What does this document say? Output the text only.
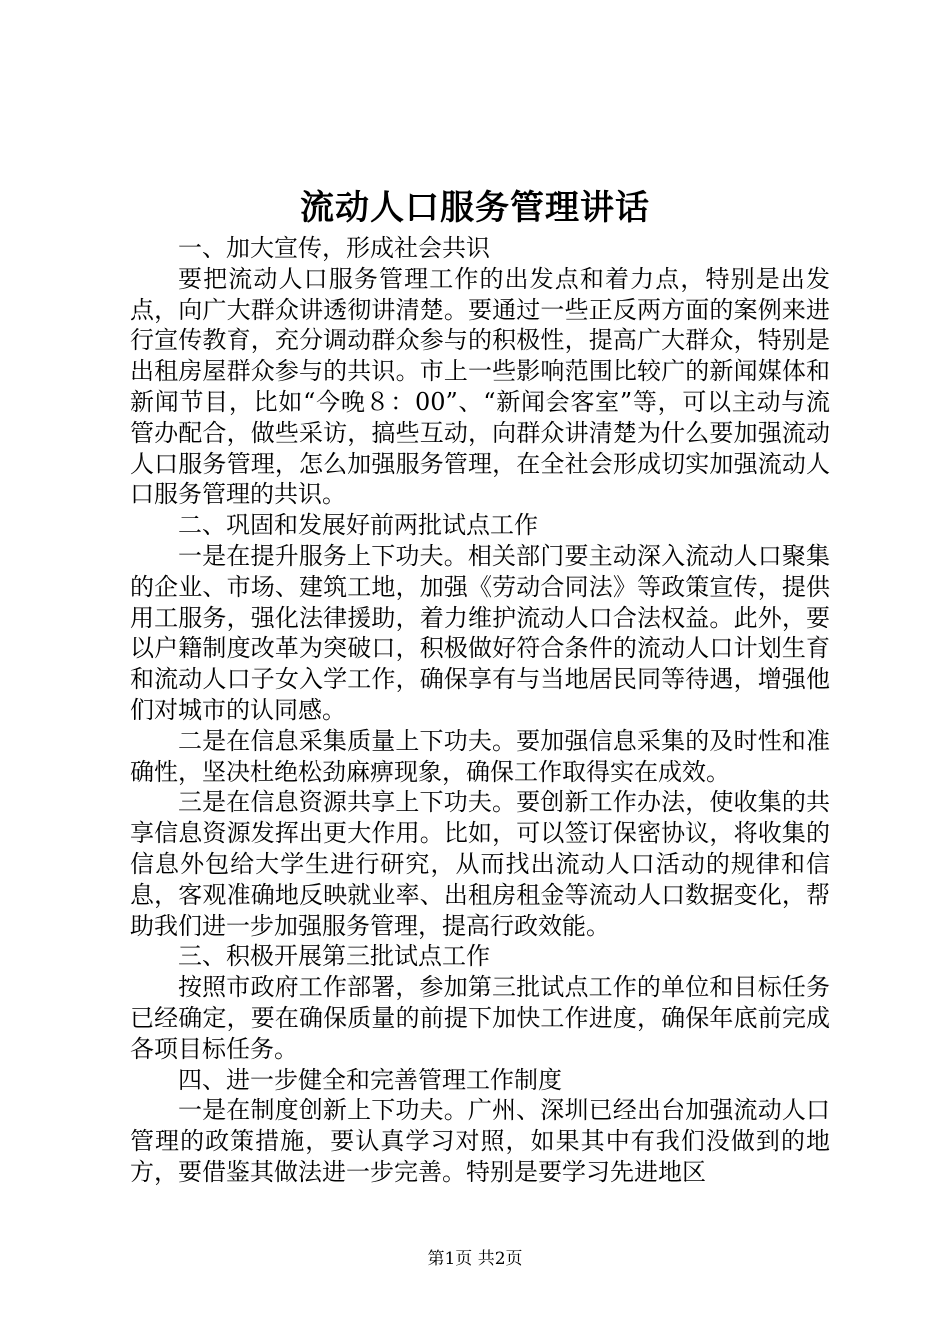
流动人口服务管理讲话

一、加大宣传，形成社会共识

要把流动人口服务管理工作的出发点和着力点，特别是出发点，向广大群众讲透彻讲清楚。要通过一些正反两方面的案例来进行宣传教育，充分调动群众参与的积极性，提高广大群众，特别是出租房屋群众参与的共识。市上一些影响范围比较广的新闻媒体和新闻节目，比如“今晚８：00”、“新闻会客室”等，可以主动与流管办配合，做些采访，搞些互动，向群众讲清楚为什么要加强流动人口服务管理，怎么加强服务管理，在全社会形成切实加强流动人口服务管理的共识。

二、巩固和发展好前两批试点工作

一是在提升服务上下功夫。相关部门要主动深入流动人口聚集的企业、市场、建筑工地，加强《劳动合同法》等政策宣传，提供用工服务，强化法律援助，着力维护流动人口合法权益。此外，要以户籍制度改革为突破口，积极做好符合条件的流动人口计划生育和流动人口子女入学工作，确保享有与当地居民同等待遇，增强他们对城市的认同感。

二是在信息采集质量上下功夫。要加强信息采集的及时性和准确性，坚决杜绝松劲麻痹现象，确保工作取得实在成效。

三是在信息资源共享上下功夫。要创新工作办法，使收集的共享信息资源发挥出更大作用。比如，可以签订保密协议，将收集的信息外包给大学生进行研究，从而找出流动人口活动的规律和信息，客观准确地反映就业率、出租房租金等流动人口数据变化，帮助我们进一步加强服务管理，提高行政效能。

三、积极开展第三批试点工作

按照市政府工作部署，参加第三批试点工作的单位和目标任务已经确定，要在确保质量的前提下加快工作进度，确保年底前完成各项目标任务。

四、进一步健全和完善管理工作制度

一是在制度创新上下功夫。广州、深圳已经出台加强流动人口管理的政策措施，要认真学习对照，如果其中有我们没做到的地方，要借鉴其做法进一步完善。特别是要学习先进地区

第1页 共2页
